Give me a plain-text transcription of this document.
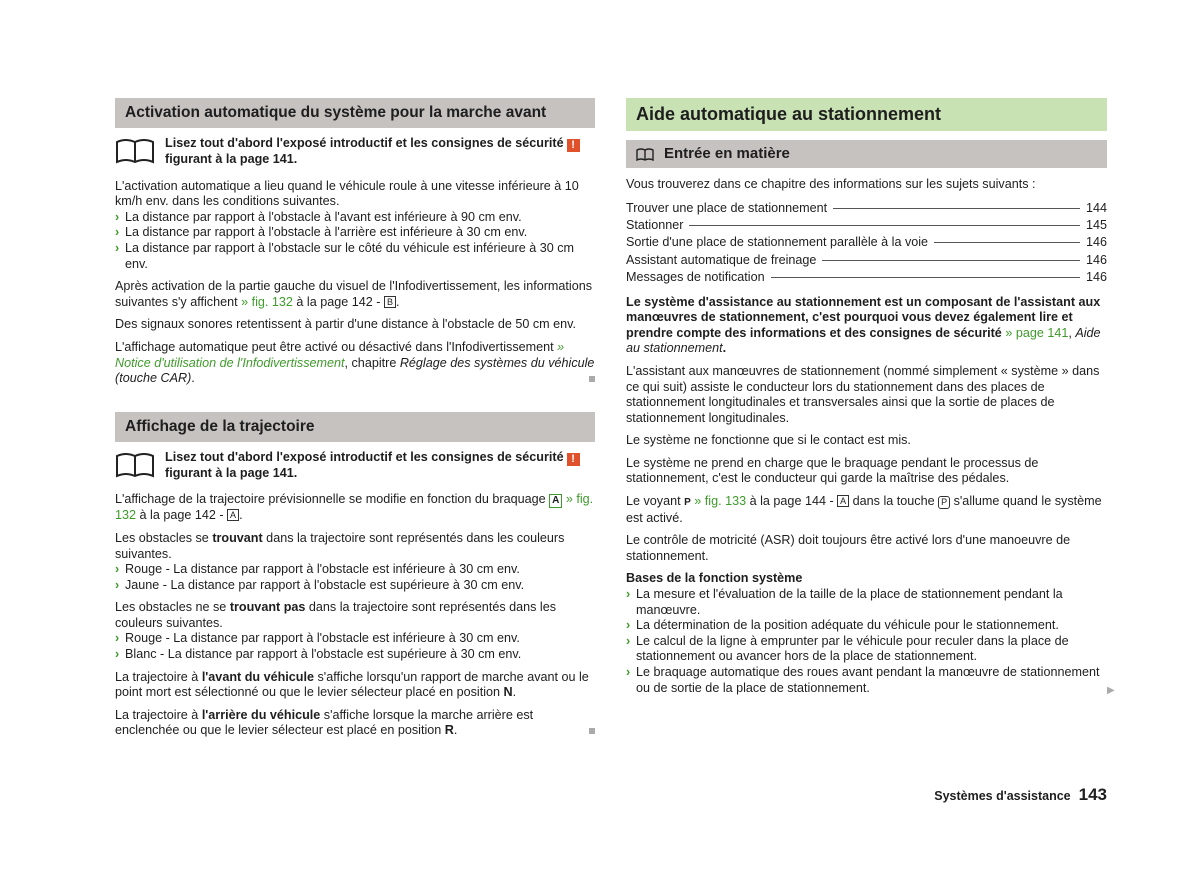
Activation automatique du système pour la marche avant
Lisez tout d'abord l'exposé introductif et les consignes de sécurité !
figurant à la page 141.

L'activation automatique a lieu quand le véhicule roule à une vitesse inférieure à 10 km/h env. dans les conditions suivantes.

› La distance par rapport à l'obstacle à l'avant est inférieure à 90 cm env.
› La distance par rapport à l'obstacle à l'arrière est inférieure à 30 cm env.
› La distance par rapport à l'obstacle sur le côté du véhicule est inférieure à 30 cm env.

Après activation de la partie gauche du visuel de l'Infodivertissement, les informations suivantes s'y affichent » fig. 132 à la page 142 - B .

Des signaux sonores retentissent à partir d'une distance à l'obstacle de 50 cm env.

L'affichage automatique peut être activé ou désactivé dans l'Infodivertissement » Notice d'utilisation de l'Infodivertissement, chapitre Réglage des systèmes du véhicule (touche CAR).

Affichage de la trajectoire
Lisez tout d'abord l'exposé introductif et les consignes de sécurité !
figurant à la page 141.

L'affichage de la trajectoire prévisionnelle se modifie en fonction du braquage A » fig. 132 à la page 142 - A .

Les obstacles se trouvant dans la trajectoire sont représentés dans les couleurs suivantes.

› Rouge - La distance par rapport à l'obstacle est inférieure à 30 cm env.
› Jaune - La distance par rapport à l'obstacle est supérieure à 30 cm env.

Les obstacles ne se trouvant pas dans la trajectoire sont représentés dans les couleurs suivantes.

› Rouge - La distance par rapport à l'obstacle est inférieure à 30 cm env.
› Blanc - La distance par rapport à l'obstacle est supérieure à 30 cm env.

La trajectoire à l'avant du véhicule s'affiche lorsqu'un rapport de marche avant ou le point mort est sélectionné ou que le levier sélecteur placé en position N.

La trajectoire à l'arrière du véhicule s'affiche lorsque la marche arrière est enclenchée ou que le levier sélecteur est placé en position R.

Aide automatique au stationnement
Entrée en matière

Vous trouverez dans ce chapitre des informations sur les sujets suivants :

Trouver une place de stationnement	144
Stationner	145
Sortie d'une place de stationnement parallèle à la voie	146
Assistant automatique de freinage	146
Messages de notification	146

Le système d'assistance au stationnement est un composant de l'assistant aux manœuvres de stationnement, c'est pourquoi vous devez également lire et prendre compte des informations et des consignes de sécurité » page 141, Aide au stationnement.

L'assistant aux manœuvres de stationnement (nommé simplement « système » dans ce qui suit) assiste le conducteur lors du stationnement dans des places de stationnement longitudinales et transversales ainsi que la sortie de places de stationnement longitudinales.

Le système ne fonctionne que si le contact est mis.

Le système ne prend en charge que le braquage pendant le processus de stationnement, c'est le conducteur qui garde la maîtrise des pédales.

Le voyant P » fig. 133 à la page 144 - A dans la touche P s'allume quand le système est activé.

Le contrôle de motricité (ASR) doit toujours être activé lors d'une manoeuvre de stationnement.

Bases de la fonction système

› La mesure et l'évaluation de la taille de la place de stationnement pendant la manœuvre.
› La détermination de la position adéquate du véhicule pour le stationnement.
› Le calcul de la ligne à emprunter par le véhicule pour reculer dans la place de stationnement ou avancer hors de la place de stationnement.
› Le braquage automatique des roues avant pendant la manœuvre de stationnement ou de sortie de la place de stationnement.	▶
Systèmes d'assistance 143
